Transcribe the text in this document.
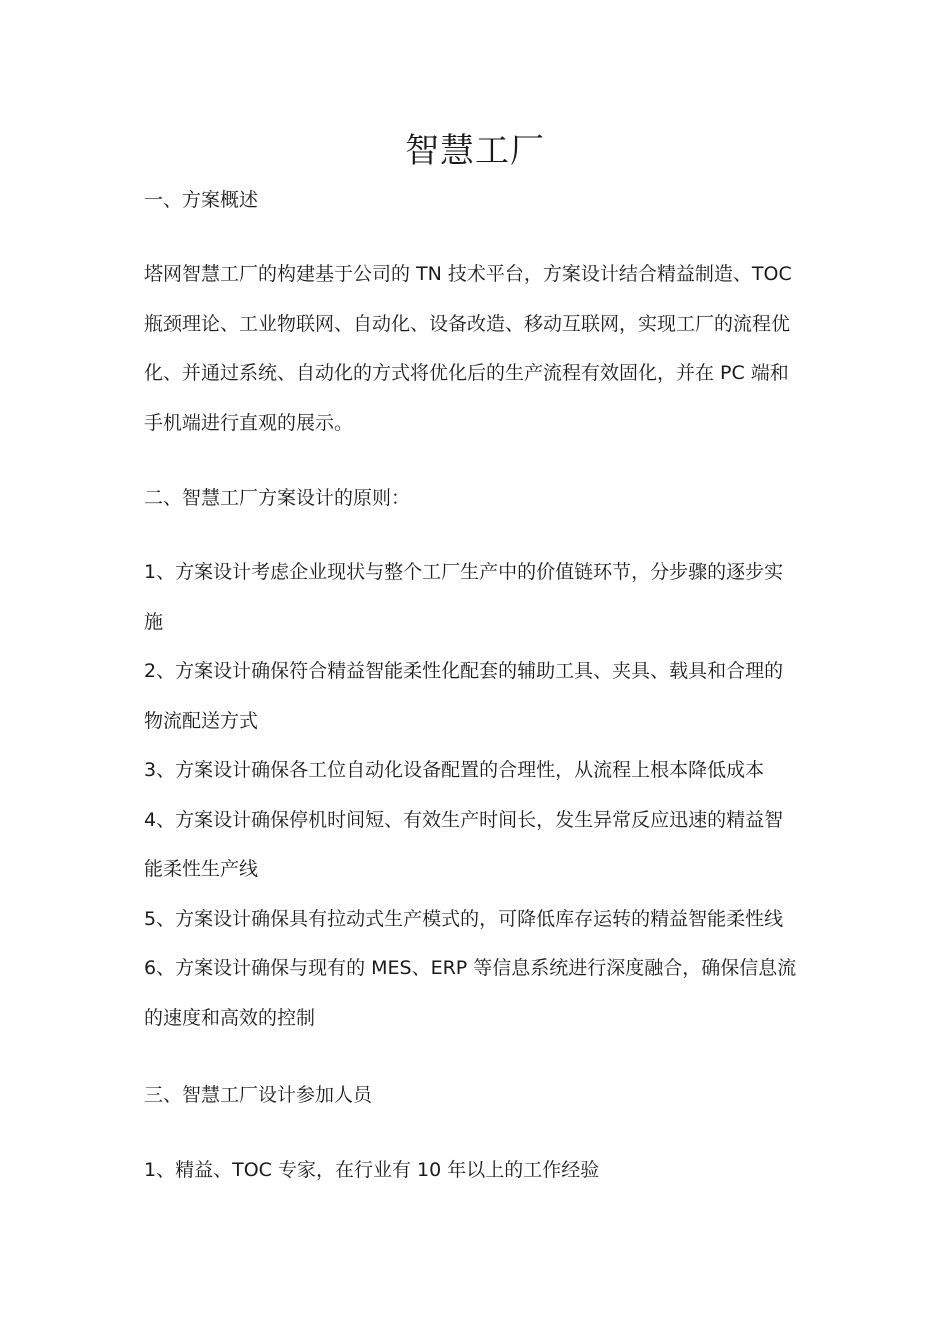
智慧工厂
一、方案概述
塔网智慧工厂的构建基于公司的 TN 技术平台，方案设计结合精益制造、TOC
瓶颈理论、工业物联网、自动化、设备改造、移动互联网，实现工厂的流程优
化、并通过系统、自动化的方式将优化后的生产流程有效固化，并在 PC 端和
手机端进行直观的展示。
二、智慧工厂方案设计的原则：
1、方案设计考虑企业现状与整个工厂生产中的价值链环节，分步骤的逐步实
施
2、方案设计确保符合精益智能柔性化配套的辅助工具、夹具、载具和合理的
物流配送方式
3、方案设计确保各工位自动化设备配置的合理性，从流程上根本降低成本
4、方案设计确保停机时间短、有效生产时间长，发生异常反应迅速的精益智
能柔性生产线
5、方案设计确保具有拉动式生产模式的，可降低库存运转的精益智能柔性线
6、方案设计确保与现有的 MES、ERP 等信息系统进行深度融合，确保信息流
的速度和高效的控制
三、智慧工厂设计参加人员
1、精益、TOC 专家，在行业有 10 年以上的工作经验
